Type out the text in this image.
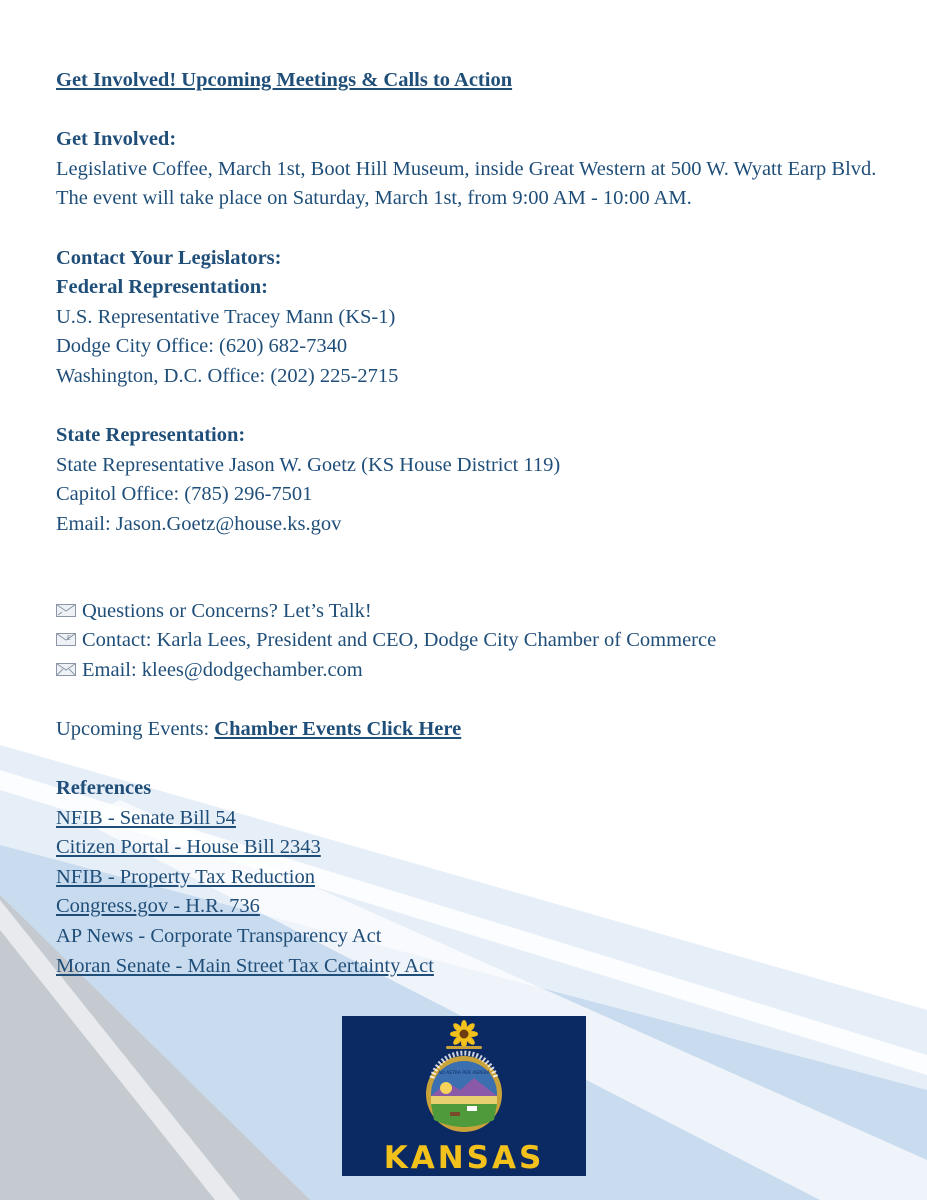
Get Involved! Upcoming Meetings & Calls to Action
Get Involved:
Legislative Coffee, March 1st, Boot Hill Museum, inside Great Western at 500 W. Wyatt Earp Blvd. The event will take place on Saturday, March 1st, from 9:00 AM - 10:00 AM.
Contact Your Legislators:
Federal Representation:
U.S. Representative Tracey Mann (KS-1)
Dodge City Office: (620) 682-7340
Washington, D.C. Office: (202) 225-2715
State Representation:
State Representative Jason W. Goetz (KS House District 119)
Capitol Office: (785) 296-7501
Email: Jason.Goetz@house.ks.gov
Questions or Concerns? Let’s Talk!
E Contact: Karla Lees, President and CEO, Dodge City Chamber of Commerce
Email: klees@dodgechamber.com
Upcoming Events: Chamber Events Click Here
References
NFIB - Senate Bill 54
Citizen Portal - House Bill 2343
NFIB - Property Tax Reduction
Congress.gov - H.R. 736
AP News - Corporate Transparency Act
Moran Senate - Main Street Tax Certainty Act
AD ASTRA PER ASPERA
KANSAS
